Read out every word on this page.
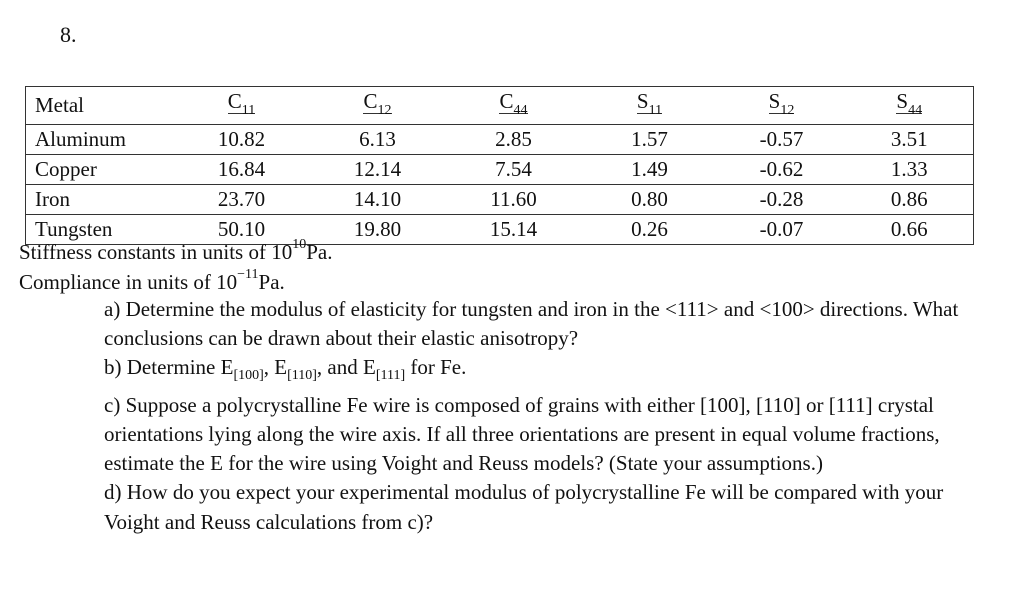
8.
Metal	$C_{11}$	$C_{12}$	$C_{44}$	$S_{11}$	$S_{12}$	$S_{44}$
Aluminum	10.82	6.13	2.85	1.57	-0.57	3.51
Copper	16.84	12.14	7.54	1.49	-0.62	1.33
Iron	23.70	14.10	11.60	0.80	-0.28	0.86
Tungsten	50.10	19.80	15.14	0.26	-0.07	0.66
Stiffness constants in units of $10^{10}Pa$.
Compliance in units of $10^{-11}Pa$.

a) Determine the modulus of elasticity for tungsten and iron in the <111> and <100> directions. What conclusions can be drawn about their elastic anisotropy?

b) Determine $E_{[100]}$, $E_{[110]}$, and $E_{[111]}$ for Fe.

c) Suppose a polycrystalline Fe wire is composed of grains with either [100], [110] or [111] crystal orientations lying along the wire axis. If all three orientations are present in equal volume fractions, estimate the E for the wire using Voight and Reuss models? (State your assumptions.)

d) How do you expect your experimental modulus of polycrystalline Fe will be compared with your Voight and Reuss calculations from c)?
